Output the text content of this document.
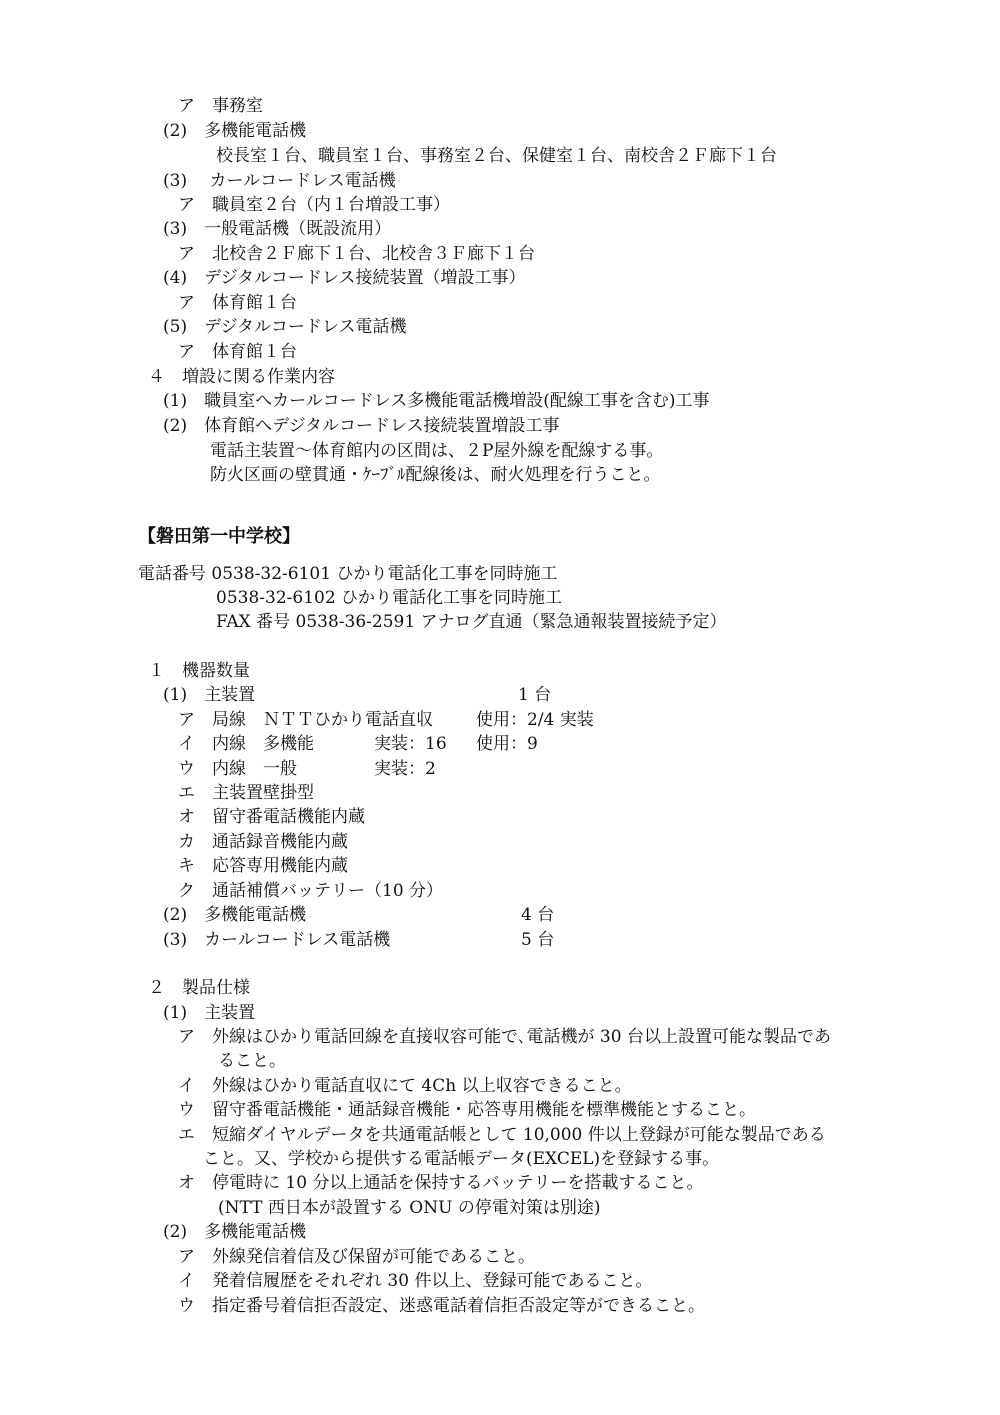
ア　事務室
(2)　多機能電話機
校長室１台、職員室１台、事務室２台、保健室１台、南校舎２Ｆ廊下１台
(3)　 カールコードレス電話機
ア　職員室２台（内１台増設工事）
(3)　一般電話機（既設流用）
ア　北校舎２Ｆ廊下１台、北校舎３Ｆ廊下１台
(4)　デジタルコードレス接続装置（増設工事）
ア　体育館１台
(5)　デジタルコードレス電話機
ア　体育館１台
４　増設に関る作業内容
(1)　職員室へカールコードレス多機能電話機増設(配線工事を含む)工事
(2)　体育館へデジタルコードレス接続装置増設工事
電話主装置～体育館内の区間は、２P屋外線を配線する事。
防火区画の壁貫通・ｹｰﾌﾞﾙ配線後は、耐火処理を行うこと。
【磐田第一中学校】
電話番号 0538-32-6101 ひかり電話化工事を同時施工
0538-32-6102 ひかり電話化工事を同時施工
FAX 番号 0538-36-2591 アナログ直通（緊急通報装置接続予定）
１　機器数量
(1)　主装置	1 台
ア　局線　ＮＴＴひかり電話直収	使用：2/4 実装
イ　内線　多機能	実装：16 使用：9
ウ　内線　一般	実装：2
エ　主装置壁掛型
オ　留守番電話機能内蔵
カ　通話録音機能内蔵
キ　応答専用機能内蔵
ク　通話補償バッテリー（10 分）
(2)　多機能電話機	4 台
(3)　カールコードレス電話機	5 台
２　製品仕様
(1)　主装置
ア　外線はひかり電話回線を直接収容可能で､電話機が 30 台以上設置可能な製品であ
ること。
イ　外線はひかり電話直収にて 4Ch 以上収容できること。
ウ　留守番電話機能・通話録音機能・応答専用機能を標準機能とすること。
エ　短縮ダイヤルデータを共通電話帳として 10,000 件以上登録が可能な製品である
こと。又、学校から提供する電話帳データ(EXCEL)を登録する事。
オ　停電時に 10 分以上通話を保持するバッテリーを搭載すること。
(NTT 西日本が設置する ONU の停電対策は別途)
(2)　多機能電話機
ア　外線発信着信及び保留が可能であること。
イ　発着信履歴をそれぞれ 30 件以上、登録可能であること。
ウ　指定番号着信拒否設定、迷惑電話着信拒否設定等ができること。
